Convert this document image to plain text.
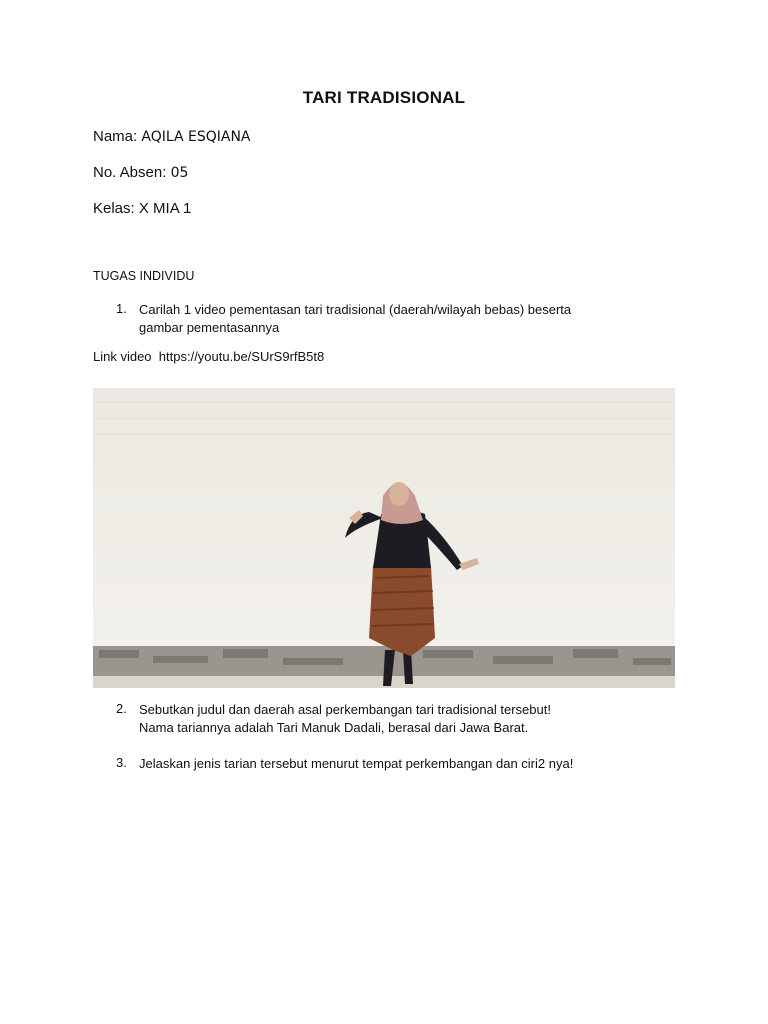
TARI TRADISIONAL
Nama: AQILA ESQIANA
No. Absen: 05
Kelas: X MIA 1
TUGAS INDIVIDU
1. Carilah 1 video pementasan tari tradisional (daerah/wilayah bebas) beserta
gambar pementasannya
Link video https://youtu.be/SUrS9rfB5t8
2. Sebutkan judul dan daerah asal perkembangan tari tradisional tersebut!
Nama tariannya adalah Tari Manuk Dadali, berasal dari Jawa Barat.
3. Jelaskan jenis tarian tersebut menurut tempat perkembangan dan ciri2 nya!
